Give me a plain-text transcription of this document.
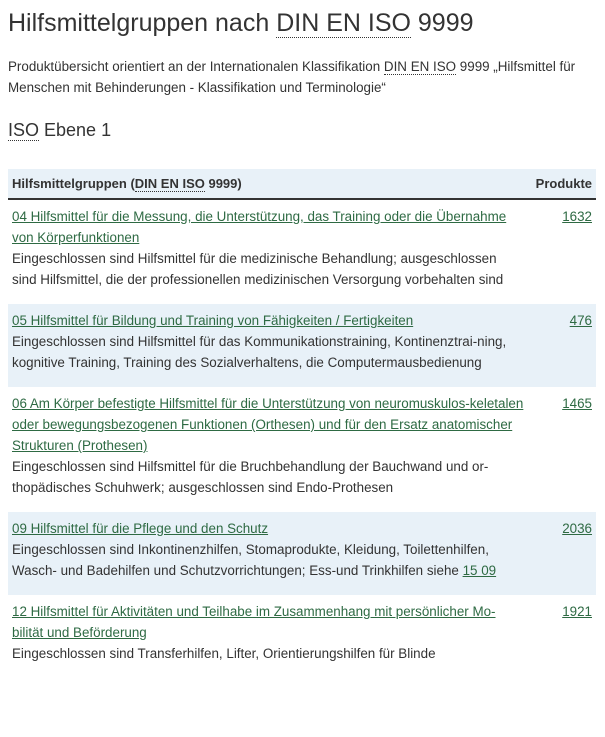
Hilfsmittelgruppen nach DIN EN ISO 9999

Produktübersicht orientiert an der Internationalen Klassifikation DIN EN ISO 9999 „Hilfsmittel für Menschen mit Behinderungen - Klassifikation und Terminologie“

ISO Ebene 1
Hilfsmittelgruppen (DIN EN ISO 9999)	Produkte
04 Hilfsmittel für die Messung, die Unterstützung, das Training oder die Übernahme von Körperfunktionen
Eingeschlossen sind Hilfsmittel für die medizinische Behandlung; ausgeschlossen sind Hilfsmittel, die der professionellen medizinischen Versorgung vorbehalten sind	1632
05 Hilfsmittel für Bildung und Training von Fähigkeiten / Fertigkeiten
Eingeschlossen sind Hilfsmittel für das Kommunikationstraining, Kontinenztrai-ning, kognitive Training, Training des Sozialverhaltens, die Computermausbedienung	476
06 Am Körper befestigte Hilfsmittel für die Unterstützung von neuromuskulos-keletalen oder bewegungsbezogenen Funktionen (Orthesen) und für den Ersatz anatomischer Strukturen (Prothesen)
Eingeschlossen sind Hilfsmittel für die Bruchbehandlung der Bauchwand und or-thopädisches Schuhwerk; ausgeschlossen sind Endo-Prothesen	1465
09 Hilfsmittel für die Pflege und den Schutz
Eingeschlossen sind Inkontinenzhilfen, Stomaprodukte, Kleidung, Toilettenhilfen, Wasch- und Badehilfen und Schutzvorrichtungen; Ess-und Trinkhilfen siehe 15 09	2036
12 Hilfsmittel für Aktivitäten und Teilhabe im Zusammenhang mit persönlicher Mo-bilität und Beförderung
Eingeschlossen sind Transferhilfen, Lifter, Orientierungshilfen für Blinde	1921
